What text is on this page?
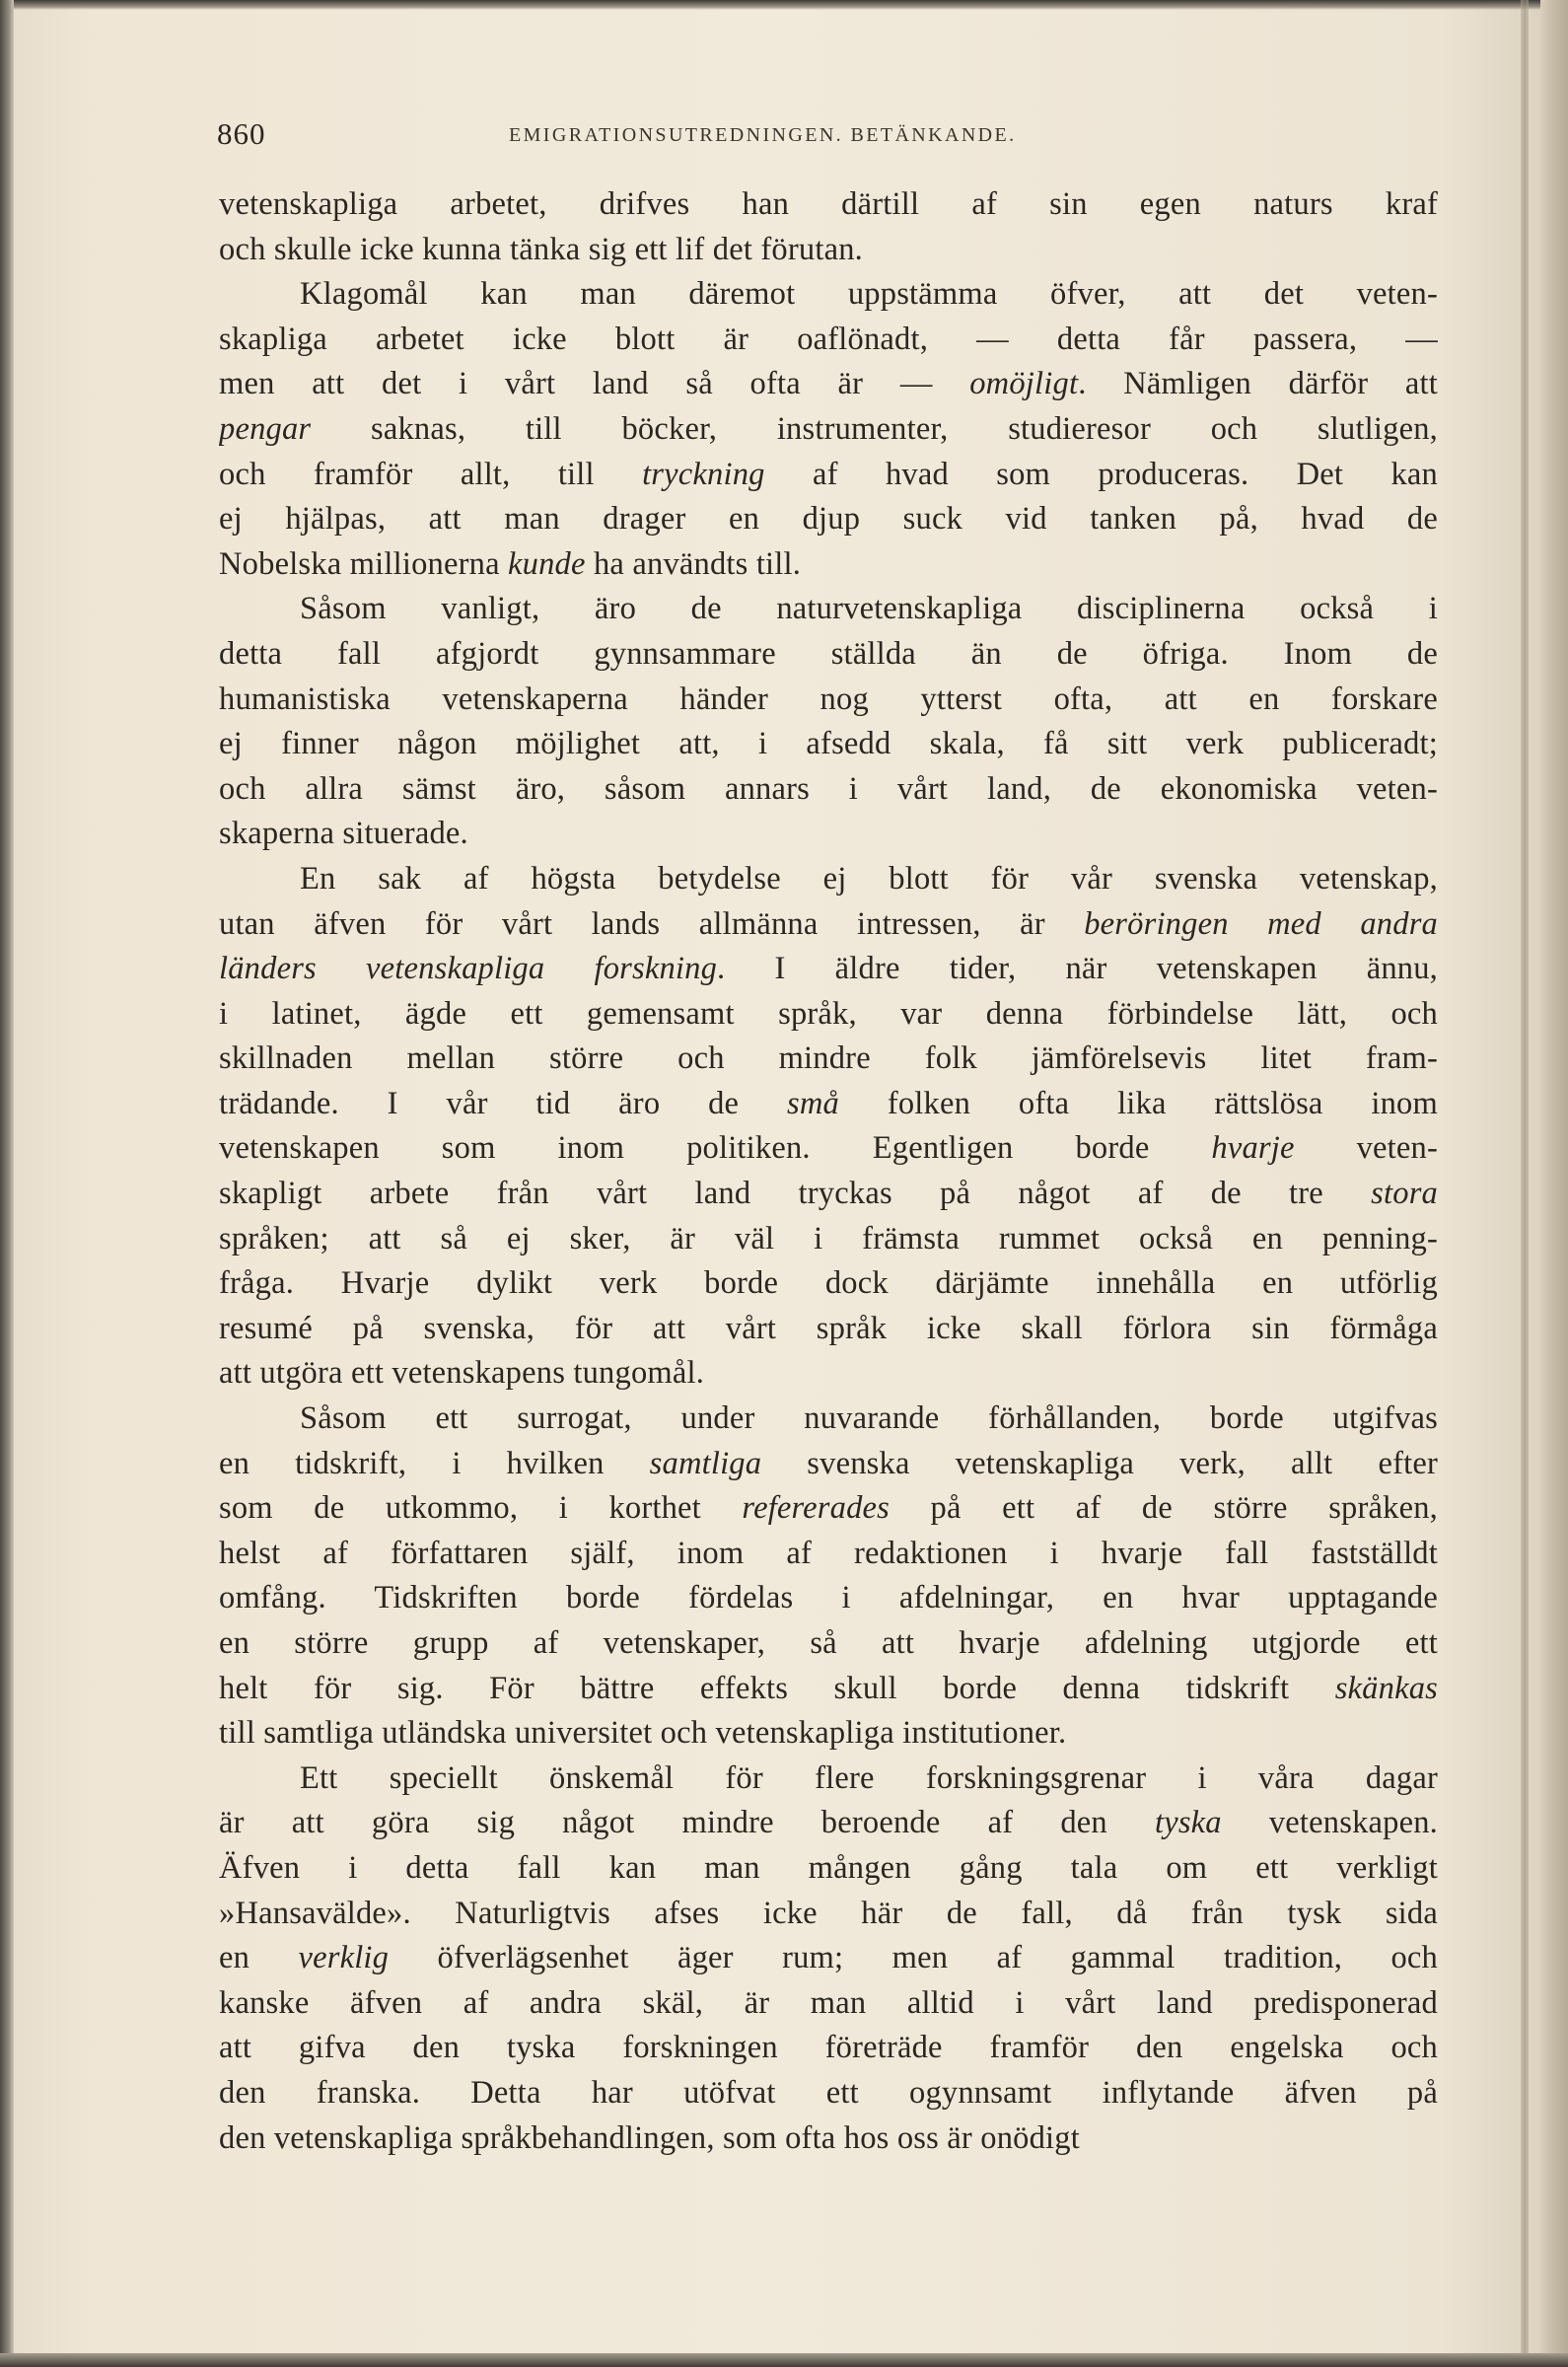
860	EMIGRATIONSUTREDNINGEN. BETÄNKANDE.
vetenskapliga arbetet, drifves han därtill af sin egen naturs kraf
och skulle icke kunna tänka sig ett lif det förutan.
Klagomål kan man däremot uppstämma öfver, att det veten-
skapliga arbetet icke blott är oaflönadt, — detta får passera, —
men att det i vårt land så ofta är — omöjligt. Nämligen därför att
pengar saknas, till böcker, instrumenter, studieresor och slutligen,
och framför allt, till tryckning af hvad som produceras. Det kan
ej hjälpas, att man drager en djup suck vid tanken på, hvad de
Nobelska millionerna kunde ha användts till.
Såsom vanligt, äro de naturvetenskapliga disciplinerna också i
detta fall afgjordt gynnsammare ställda än de öfriga. Inom de
humanistiska vetenskaperna händer nog ytterst ofta, att en forskare
ej finner någon möjlighet att, i afsedd skala, få sitt verk publiceradt;
och allra sämst äro, såsom annars i vårt land, de ekonomiska veten-
skaperna situerade.
En sak af högsta betydelse ej blott för vår svenska vetenskap,
utan äfven för vårt lands allmänna intressen, är beröringen med andra
länders vetenskapliga forskning. I äldre tider, när vetenskapen ännu,
i latinet, ägde ett gemensamt språk, var denna förbindelse lätt, och
skillnaden mellan större och mindre folk jämförelsevis litet fram-
trädande. I vår tid äro de små folken ofta lika rättslösa inom
vetenskapen som inom politiken. Egentligen borde hvarje veten-
skapligt arbete från vårt land tryckas på något af de tre stora
språken; att så ej sker, är väl i främsta rummet också en penning-
fråga. Hvarje dylikt verk borde dock därjämte innehålla en utförlig
resumé på svenska, för att vårt språk icke skall förlora sin förmåga
att utgöra ett vetenskapens tungomål.
Såsom ett surrogat, under nuvarande förhållanden, borde utgifvas
en tidskrift, i hvilken samtliga svenska vetenskapliga verk, allt efter
som de utkommo, i korthet refererades på ett af de större språken,
helst af författaren själf, inom af redaktionen i hvarje fall fastställdt
omfång. Tidskriften borde fördelas i afdelningar, en hvar upptagande
en större grupp af vetenskaper, så att hvarje afdelning utgjorde ett
helt för sig. För bättre effekts skull borde denna tidskrift skänkas
till samtliga utländska universitet och vetenskapliga institutioner.
Ett speciellt önskemål för flere forskningsgrenar i våra dagar
är att göra sig något mindre beroende af den tyska vetenskapen.
Äfven i detta fall kan man mången gång tala om ett verkligt
»Hansavälde». Naturligtvis afses icke här de fall, då från tysk sida
en verklig öfverlägsenhet äger rum; men af gammal tradition, och
kanske äfven af andra skäl, är man alltid i vårt land predisponerad
att gifva den tyska forskningen företräde framför den engelska och
den franska. Detta har utöfvat ett ogynnsamt inflytande äfven på
den vetenskapliga språkbehandlingen, som ofta hos oss är onödigt
